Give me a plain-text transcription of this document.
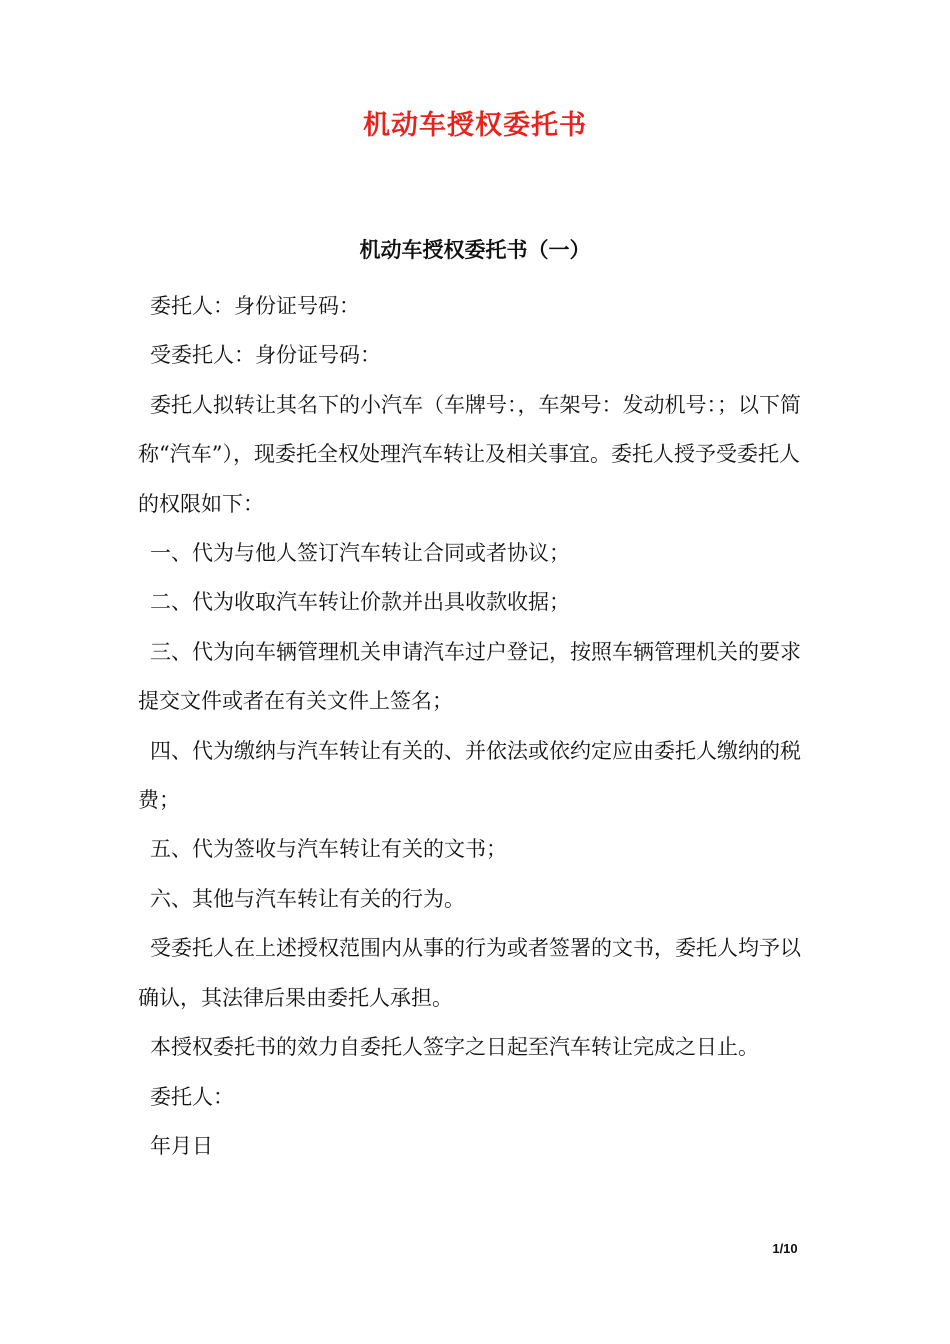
机动车授权委托书
机动车授权委托书（一）

委托人：身份证号码：

受委托人：身份证号码：

委托人拟转让其名下的小汽车（车牌号：，车架号：发动机号：；以下简称“汽车”），现委托全权处理汽车转让及相关事宜。委托人授予受委托人的权限如下：

一、代为与他人签订汽车转让合同或者协议；

二、代为收取汽车转让价款并出具收款收据；

三、代为向车辆管理机关申请汽车过户登记，按照车辆管理机关的要求提交文件或者在有关文件上签名；

四、代为缴纳与汽车转让有关的、并依法或依约定应由委托人缴纳的税费；

五、代为签收与汽车转让有关的文书；

六、其他与汽车转让有关的行为。

受委托人在上述授权范围内从事的行为或者签署的文书，委托人均予以确认，其法律后果由委托人承担。

本授权委托书的效力自委托人签字之日起至汽车转让完成之日止。

委托人：

年月日

1/10
